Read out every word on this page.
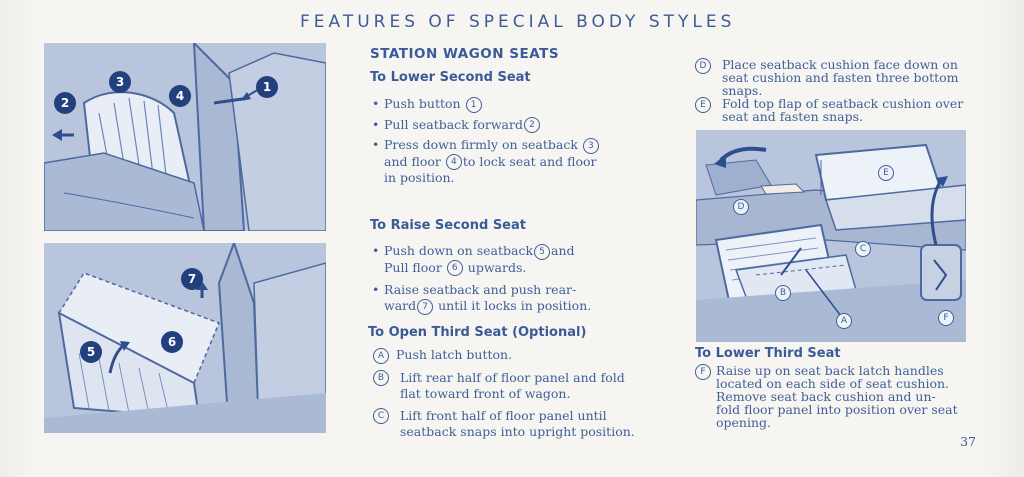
FEATURES OF SPECIAL BODY STYLES
1
2
3
4
5
6
7
STATION WAGON SEATS
To Lower Second Seat
• Push button 1
• Pull seatback forward 2
• Press down firmly on seatback 3
and floor 4 to lock seat and floor
in position.
To Raise Second Seat
• Push down on seatback 5 and
Pull floor 6 upwards.
• Raise seatback and push rear-
ward 7 until it locks in position.
To Open Third Seat (Optional)
A Push latch button.
B	Lift rear half of floor panel and fold
flat toward front of wagon.
C	Lift front half of floor panel until
seatback snaps into upright position.
D	Place seatback cushion face down on
seat cushion and fasten three bottom
snaps.
E	Fold top flap of seatback cushion over
seat and fasten snaps.
A
B
C
D
E
F
To Lower Third Seat
F Raise up on seat back latch handles
located on each side of seat cushion.
Remove seat back cushion and un-
fold floor panel into position over seat
opening.
37
